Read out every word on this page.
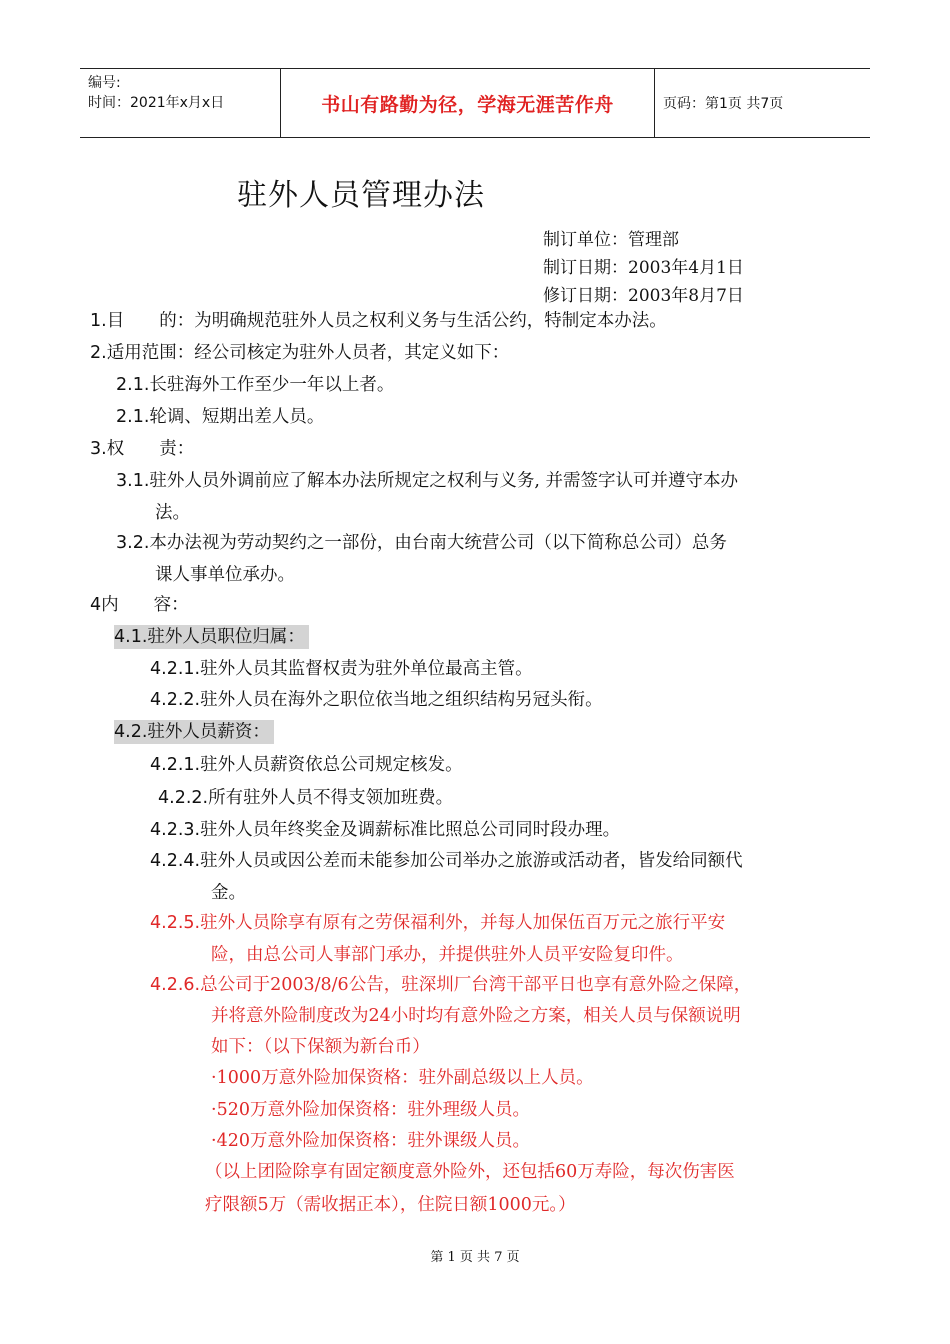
编号:
时间：2021年x月x日	书山有路勤为径，学海无涯苦作舟	页码：第1页 共7页
驻外人员管理办法
制订单位：管理部
制订日期：2003年4月1日
修订日期：2003年8月7日
1.目　　的：为明确规范驻外人员之权利义务与生活公约，特制定本办法。
2.适用范围：经公司核定为驻外人员者，其定义如下：
2.1.长驻海外工作至少一年以上者。
2.1.轮调、短期出差人员。
3.权　　责：
3.1.驻外人员外调前应了解本办法所规定之权利与义务, 并需签字认可并遵守本办
法。
3.2.本办法视为劳动契约之一部份，由台南大统营公司（以下简称总公司）总务
课人事单位承办。
4内　　容：
4.1.驻外人员职位归属：
4.2.1.驻外人员其监督权责为驻外单位最高主管。
4.2.2.驻外人员在海外之职位依当地之组织结构另冠头衔。
4.2.驻外人员薪资：
4.2.1.驻外人员薪资依总公司规定核发。
4.2.2.所有驻外人员不得支领加班费。
4.2.3.驻外人员年终奖金及调薪标准比照总公司同时段办理。
4.2.4.驻外人员或因公差而未能参加公司举办之旅游或活动者，皆发给同额代
金。
4.2.5.驻外人员除享有原有之劳保福利外，并每人加保伍百万元之旅行平安
险，由总公司人事部门承办，并提供驻外人员平安险复印件。
4.2.6.总公司于2003/8/6公告，驻深圳厂台湾干部平日也享有意外险之保障，
并将意外险制度改为24小时均有意外险之方案，相关人员与保额说明
如下：（以下保额为新台币）
·1000万意外险加保资格：驻外副总级以上人员。
·520万意外险加保资格：驻外理级人员。
·420万意外险加保资格：驻外课级人员。
（以上团险除享有固定额度意外险外，还包括60万寿险，每次伤害医
疗限额5万（需收据正本），住院日额1000元。）
第 1 页 共 7 页
